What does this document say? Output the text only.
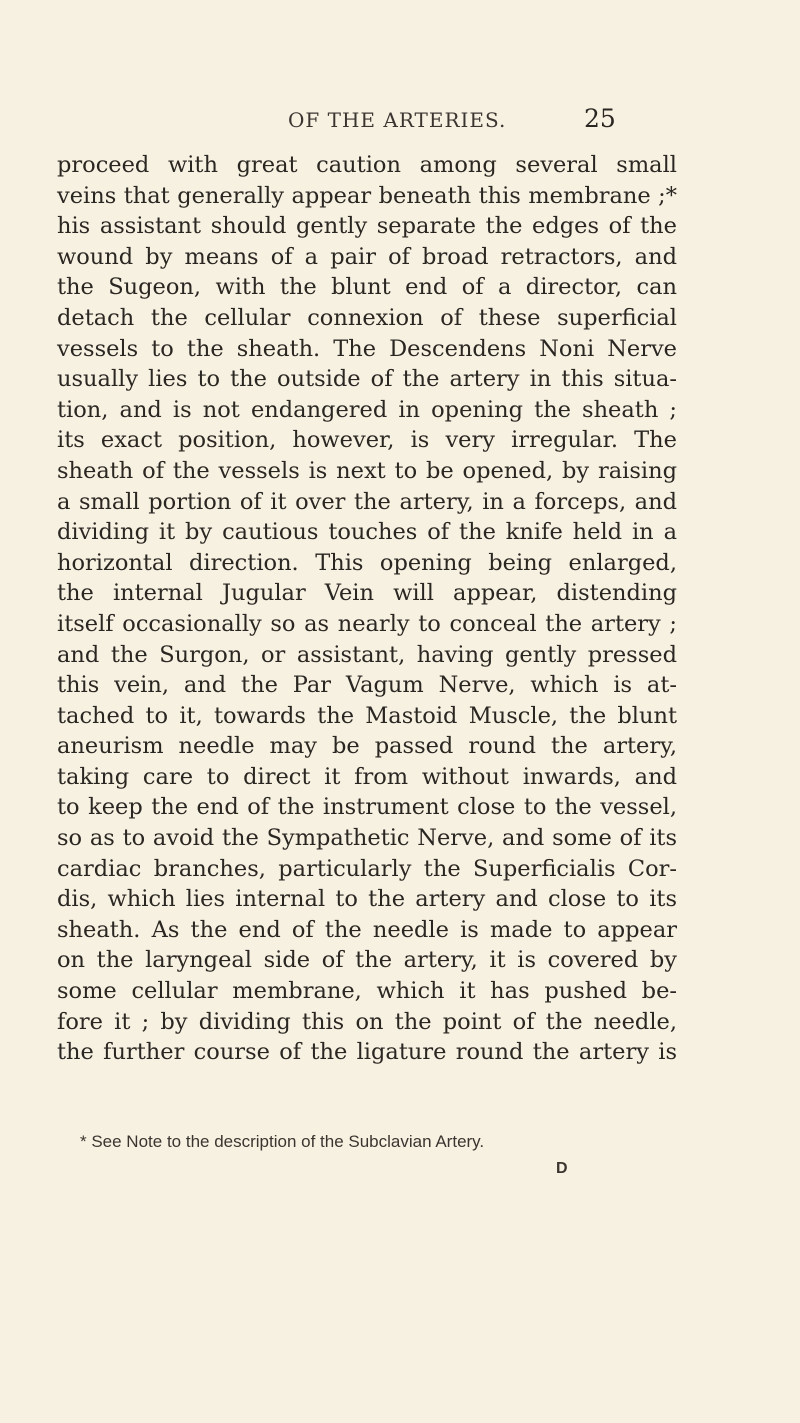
OF THE ARTERIES.	25
proceed with great caution among several small
veins that generally appear beneath this membrane ;*
his assistant should gently separate the edges of the
wound by means of a pair of broad retractors, and
the Sugeon, with the blunt end of a director, can
detach the cellular connexion of these superficial
vessels to the sheath. The Descendens Noni Nerve
usually lies to the outside of the artery in this situa-
tion, and is not endangered in opening the sheath ;
its exact position, however, is very irregular. The
sheath of the vessels is next to be opened, by raising
a small portion of it over the artery, in a forceps, and
dividing it by cautious touches of the knife held in a
horizontal direction. This opening being enlarged,
the internal Jugular Vein will appear, distending
itself occasionally so as nearly to conceal the artery ;
and the Surgon, or assistant, having gently pressed
this vein, and the Par Vagum Nerve, which is at-
tached to it, towards the Mastoid Muscle, the blunt
aneurism needle may be passed round the artery,
taking care to direct it from without inwards, and
to keep the end of the instrument close to the vessel,
so as to avoid the Sympathetic Nerve, and some of its
cardiac branches, particularly the Superficialis Cor-
dis, which lies internal to the artery and close to its
sheath. As the end of the needle is made to appear
on the laryngeal side of the artery, it is covered by
some cellular membrane, which it has pushed be-
fore it ; by dividing this on the point of the needle,
the further course of the ligature round the artery is
* See Note to the description of the Subclavian Artery.
D
